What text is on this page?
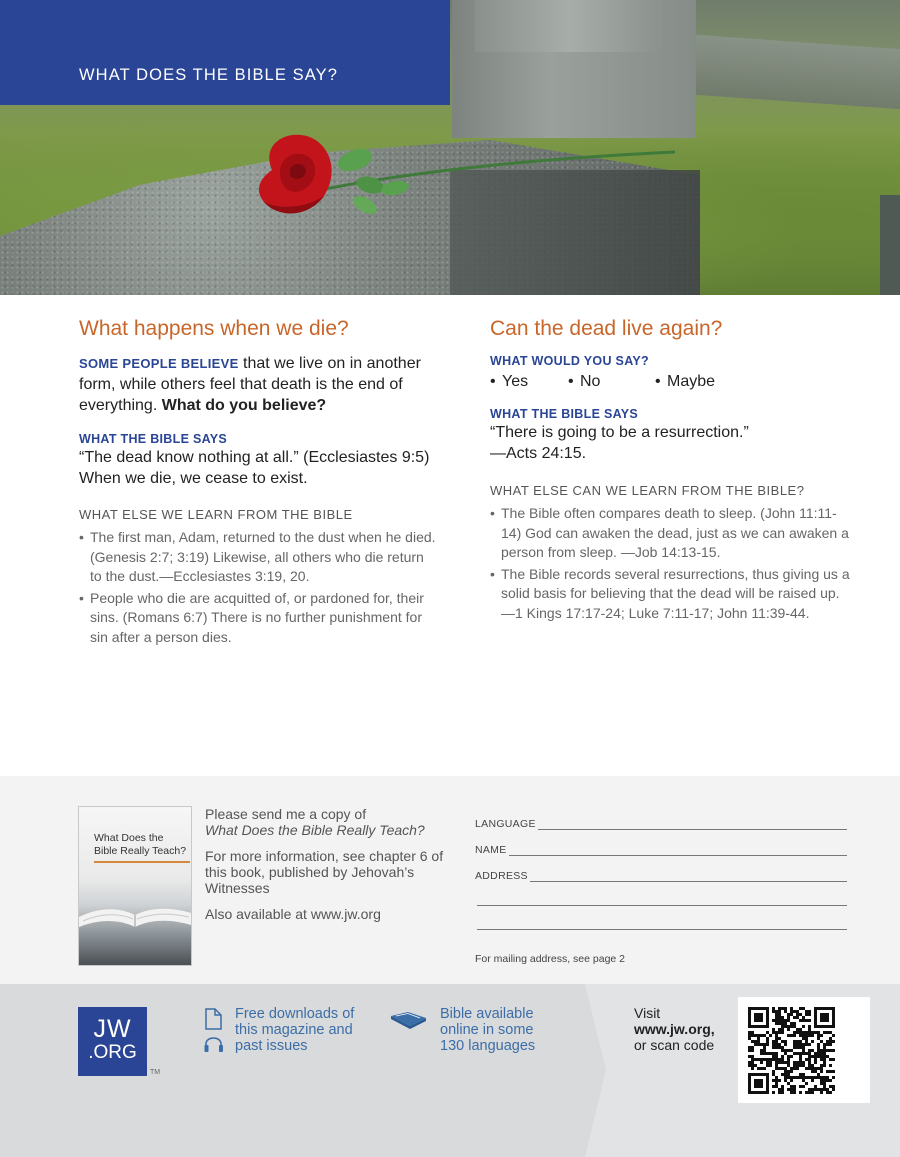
WHAT DOES THE BIBLE SAY?
What happens when we die?

SOME PEOPLE BELIEVE that we live on in another form, while others feel that death is the end of everything. What do you believe?

WHAT THE BIBLE SAYS

“The dead know nothing at all.” (Ecclesiastes 9:5) When we die, we cease to exist.

WHAT ELSE WE LEARN FROM THE BIBLE

• The first man, Adam, returned to the dust when he died. (Genesis 2:7; 3:19) Likewise, all others who die return to the dust.—Ecclesiastes 3:19, 20.
• People who die are acquitted of, or pardoned for, their sins. (Romans 6:7) There is no further punishment for sin after a person dies.
Can the dead live again?

WHAT WOULD YOU SAY?

• Yes	• No	• Maybe

WHAT THE BIBLE SAYS

“There is going to be a resurrection.”

—Acts 24:15.

WHAT ELSE CAN WE LEARN FROM THE BIBLE?

• The Bible often compares death to sleep. (John 11:11-14) God can awaken the dead, just as we can awaken a person from sleep. —Job 14:13-15.
• The Bible records several resurrections, thus giving us a solid basis for believing that the dead will be raised up.—1 Kings 17:17-24; Luke 7:11-17; John 11:39-44.
What Does the Bible Really Teach?

Please send me a copy of
What Does the Bible Really Teach?

For more information, see chapter 6 of this book, published by Jehovah’s Witnesses

Also available at www.jw.org

LANGUAGE
NAME
ADDRESS
For mailing address, see page 2
JW
.ORG
TM
Free downloads of this magazine and past issues
Bible available online in some 130 languages
Visit
www.jw.org,
or scan code
